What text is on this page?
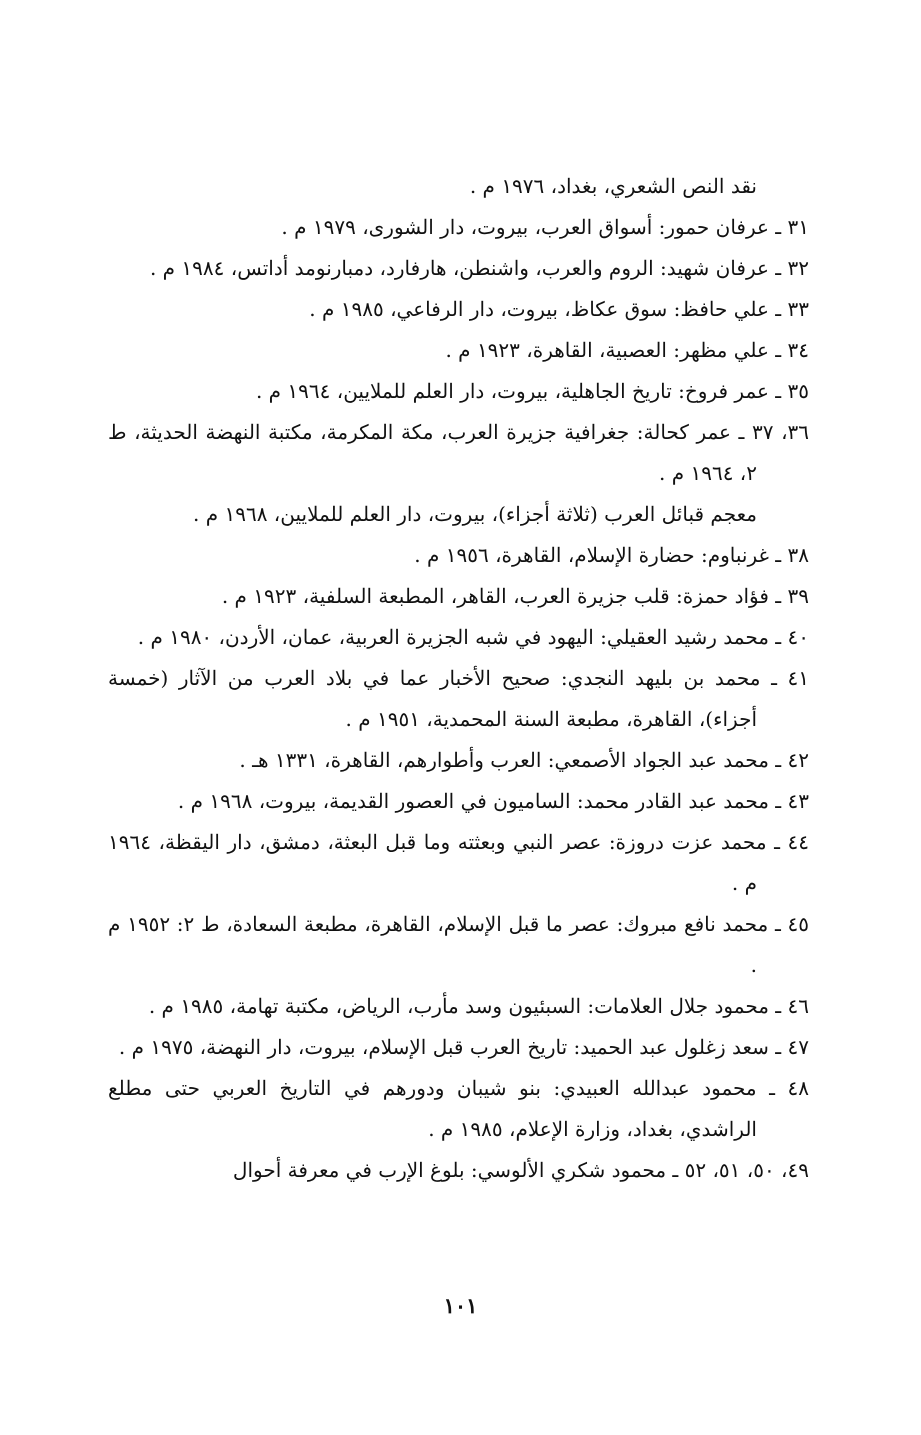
نقد النص الشعري، بغداد، ١٩٧٦ م .

٣١ ـ عرفان حمور: أسواق العرب، بيروت، دار الشورى، ١٩٧٩ م .

٣٢ ـ عرفان شهيد: الروم والعرب، واشنطن، هارفارد، دمبارنومد أداتس، ١٩٨٤ م .

٣٣ ـ علي حافظ: سوق عكاظ، بيروت، دار الرفاعي، ١٩٨٥ م .

٣٤ ـ علي مظهر: العصبية، القاهرة، ١٩٢٣ م .

٣٥ ـ عمر فروخ: تاريخ الجاهلية، بيروت، دار العلم للملايين، ١٩٦٤ م .

٣٦، ٣٧ ـ عمر كحالة: جغرافية جزيرة العرب، مكة المكرمة، مكتبة النهضة الحديثة، ط ٢، ١٩٦٤ م .

معجم قبائل العرب (ثلاثة أجزاء)، بيروت، دار العلم للملايين، ١٩٦٨ م .

٣٨ ـ غرنباوم: حضارة الإسلام، القاهرة، ١٩٥٦ م .

٣٩ ـ فؤاد حمزة: قلب جزيرة العرب، القاهر، المطبعة السلفية، ١٩٢٣ م .

٤٠ ـ محمد رشيد العقيلي: اليهود في شبه الجزيرة العربية، عمان، الأردن، ١٩٨٠ م .

٤١ ـ محمد بن بليهد النجدي: صحيح الأخبار عما في بلاد العرب من الآثار (خمسة أجزاء)، القاهرة، مطبعة السنة المحمدية، ١٩٥١ م .

٤٢ ـ محمد عبد الجواد الأصمعي: العرب وأطوارهم، القاهرة، ١٣٣١ هـ .

٤٣ ـ محمد عبد القادر محمد: الساميون في العصور القديمة، بيروت، ١٩٦٨ م .

٤٤ ـ محمد عزت دروزة: عصر النبي وبعثته وما قبل البعثة، دمشق، دار اليقظة، ١٩٦٤ م .

٤٥ ـ محمد نافع مبروك: عصر ما قبل الإسلام، القاهرة، مطبعة السعادة، ط ٢: ١٩٥٢ م .

٤٦ ـ محمود جلال العلامات: السبئيون وسد مأرب، الرياض، مكتبة تهامة، ١٩٨٥ م .

٤٧ ـ سعد زغلول عبد الحميد: تاريخ العرب قبل الإسلام، بيروت، دار النهضة، ١٩٧٥ م .

٤٨ ـ محمود عبدالله العبيدي: بنو شيبان ودورهم في التاريخ العربي حتى مطلع الراشدي، بغداد، وزارة الإعلام، ١٩٨٥ م .

٤٩، ٥٠، ٥١، ٥٢ ـ محمود شكري الألوسي: بلوغ الإرب في معرفة أحوال

١٠١
